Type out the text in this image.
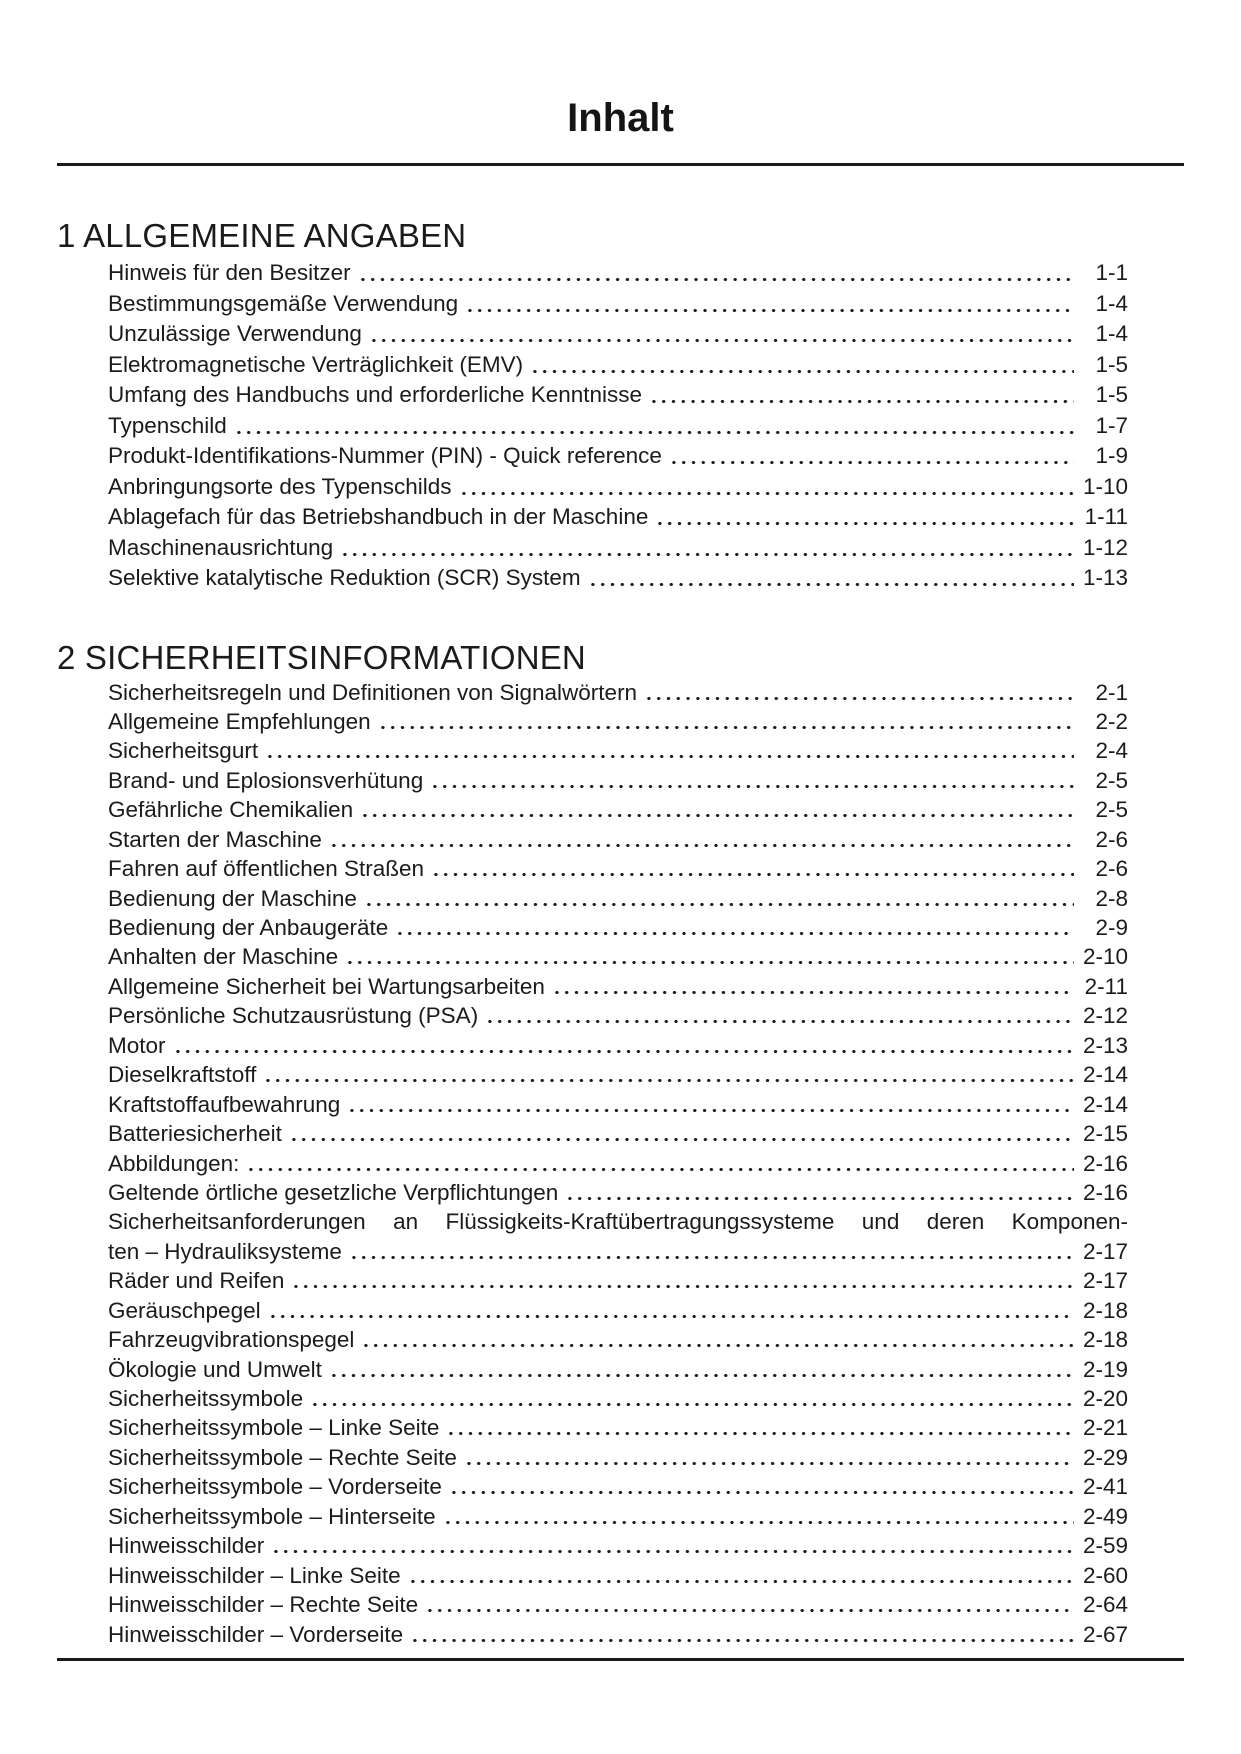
Inhalt
1 ALLGEMEINE ANGABEN
Hinweis für den Besitzer	1-1
Bestimmungsgemäße Verwendung	1-4
Unzulässige Verwendung	1-4
Elektromagnetische Verträglichkeit (EMV)	1-5
Umfang des Handbuchs und erforderliche Kenntnisse	1-5
Typenschild	1-7
Produkt-Identifikations-Nummer (PIN) - Quick reference	1-9
Anbringungsorte des Typenschilds	1-10
Ablagefach für das Betriebshandbuch in der Maschine	1-11
Maschinenausrichtung	1-12
Selektive katalytische Reduktion (SCR) System	1-13
2 SICHERHEITSINFORMATIONEN
Sicherheitsregeln und Definitionen von Signalwörtern	2-1
Allgemeine Empfehlungen	2-2
Sicherheitsgurt	2-4
Brand- und Eplosionsverhütung	2-5
Gefährliche Chemikalien	2-5
Starten der Maschine	2-6
Fahren auf öffentlichen Straßen	2-6
Bedienung der Maschine	2-8
Bedienung der Anbaugeräte	2-9
Anhalten der Maschine	2-10
Allgemeine Sicherheit bei Wartungsarbeiten	2-11
Persönliche Schutzausrüstung (PSA)	2-12
Motor	2-13
Dieselkraftstoff	2-14
Kraftstoffaufbewahrung	2-14
Batteriesicherheit	2-15
Abbildungen:	2-16
Geltende örtliche gesetzliche Verpflichtungen	2-16
Sicherheitsanforderungen an Flüssigkeits-Kraftübertragungssysteme und deren Komponen-
ten – Hydrauliksysteme	2-17
Räder und Reifen	2-17
Geräuschpegel	2-18
Fahrzeugvibrationspegel	2-18
Ökologie und Umwelt	2-19
Sicherheitssymbole	2-20
Sicherheitssymbole – Linke Seite	2-21
Sicherheitssymbole – Rechte Seite	2-29
Sicherheitssymbole – Vorderseite	2-41
Sicherheitssymbole – Hinterseite	2-49
Hinweisschilder	2-59
Hinweisschilder – Linke Seite	2-60
Hinweisschilder – Rechte Seite	2-64
Hinweisschilder – Vorderseite	2-67
